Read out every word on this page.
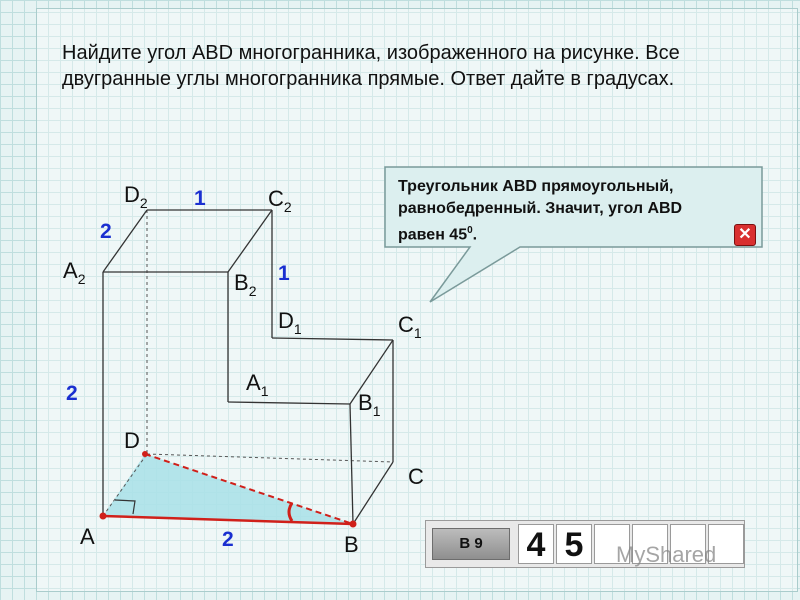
Найдите угол ABD многогранника, изображенного на рисунке. Все
двугранные углы многогранника прямые. Ответ дайте в градусах.
$D_2$	$C_2$
$A_2$	$B_2$
$D_1$	$C_1$
$A_1$	$B_1$
D
C
A	B
1
2
1
2
2
Треугольник ABD прямоугольный,
равнобедренный. Значит, угол ABD
равен $45^0$.	✕
В 9	4 5	MyShared
